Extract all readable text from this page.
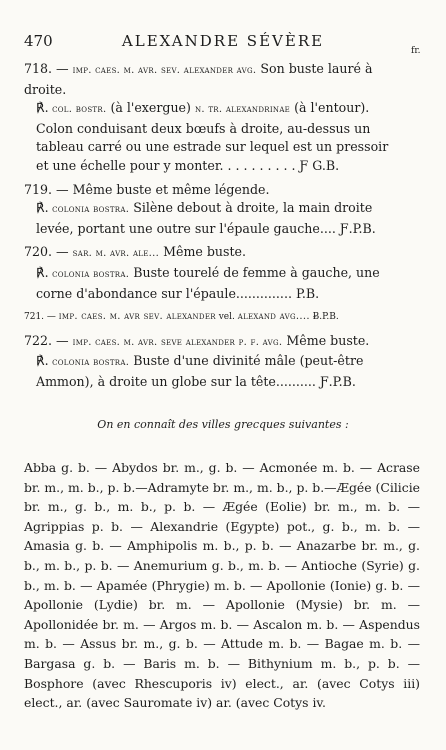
470	ALEXANDRE SÉVÈRE
fr.
718. — imp. caes. m. avr. sev. alexander avg. Son buste lauré à droite.
℟. col. bostr. (à l'exergue) n. tr. alexandrinae (à l'entour). Colon conduisant deux bœufs à droite, au-dessus un tableau carré ou une estrade sur lequel est un pressoir et une échelle pour y monter. . . . . . . . . . Ƒ G.B.
719. — Même buste et même légende.
℟. colonia bostra. Silène debout à droite, la main droite levée, portant une outre sur l'épaule gauche.... Ƒ.P.B.
720. — sar. m. avr. ale... Même buste.
℟. colonia bostra. Buste tourelé de femme à gauche, une corne d'abondance sur l'épaule.............. P.B.
721. — imp. caes. m. avr sev. alexander vel. alexand avg.... Ƀ.P.B.
722. — imp. caes. m. avr. seve alexander p. f. avg. Même buste.
℟. colonia bostra. Buste d'une divinité mâle (peut-être Ammon), à droite un globe sur la tête.......... Ƒ.P.B.
On en connaît des villes grecques suivantes :
Abba g. b. — Abydos br. m., g. b. — Acmonée m. b. — Acrase br. m., m. b., p. b.—Adramyte br. m., m. b., p. b.—Ægée (Cilicie br. m., g. b., m. b., p. b. — Ægée (Eolie) br. m., m. b. — Agrippias p. b. — Alexandrie (Egypte) pot., g. b., m. b. — Amasia g. b. — Amphipolis m. b., p. b. — Anazarbe br. m., g. b., m. b., p. b. — Anemurium g. b., m. b. — Antioche (Syrie) g. b., m. b. — Apamée (Phrygie) m. b. — Apollonie (Ionie) g. b. — Apollonie (Lydie) br. m. — Apollonie (Mysie) br. m. — Apollonidée br. m. — Argos m. b. — Ascalon m. b. — Aspendus m. b. — Assus br. m., g. b. — Attude m. b. — Bagae m. b. — Bargasa g. b. — Baris m. b. — Bithynium m. b., p. b. — Bosphore (avec Rhescuporis iv) elect., ar. (avec Cotys iii) elect., ar. (avec Sauromate iv) ar. (avec Cotys iv.
